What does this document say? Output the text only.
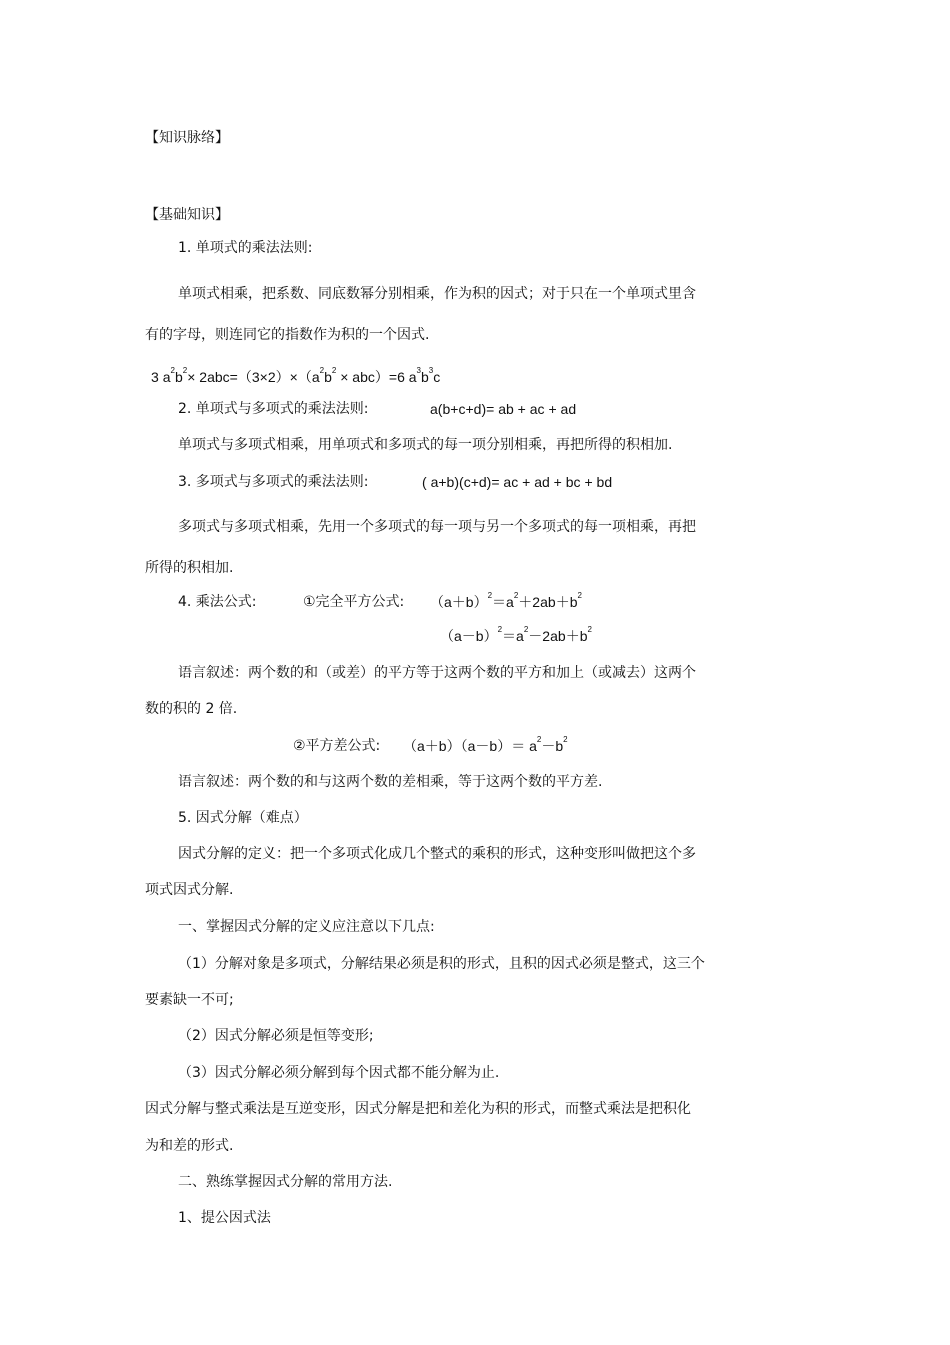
【知识脉络】
【基础知识】
1. 单项式的乘法法则:
单项式相乘，把系数、同底数幂分别相乘，作为积的因式；对于只在一个单项式里含
有的字母，则连同它的指数作为积的一个因式.
3 $a^2b^2\times 2abc=(3\times 2)\times(a^2b^2 \times abc)=6$ $a^3b^3c$
2. 单项式与多项式的乘法法则:	a(b+c+d)= ab + ac + ad
单项式与多项式相乘，用单项式和多项式的每一项分别相乘，再把所得的积相加.
3. 多项式与多项式的乘法法则:	( a+b)(c+d)= ac + ad + bc + bd
多项式与多项式相乘，先用一个多项式的每一项与另一个多项式的每一项相乘，再把
所得的积相加.
4. 乘法公式:	①完全平方公式: $(a+b)^2=a^2+2ab+b^2$
$(a-b)^2=a^2-2ab+b^2$
语言叙述：两个数的和（或差）的平方等于这两个数的平方和加上（或减去）这两个
数的积的 2 倍.
②平方差公式: $(a+b)(a-b)= a^2-b^2$
语言叙述：两个数的和与这两个数的差相乘，等于这两个数的平方差.
5. 因式分解（难点）
因式分解的定义：把一个多项式化成几个整式的乘积的形式，这种变形叫做把这个多
项式因式分解.
一、掌握因式分解的定义应注意以下几点:
（1）分解对象是多项式，分解结果必须是积的形式，且积的因式必须是整式，这三个
要素缺一不可;
（2）因式分解必须是恒等变形;
（3）因式分解必须分解到每个因式都不能分解为止.
因式分解与整式乘法是互逆变形，因式分解是把和差化为积的形式，而整式乘法是把积化
为和差的形式.
二、熟练掌握因式分解的常用方法.
1、提公因式法
